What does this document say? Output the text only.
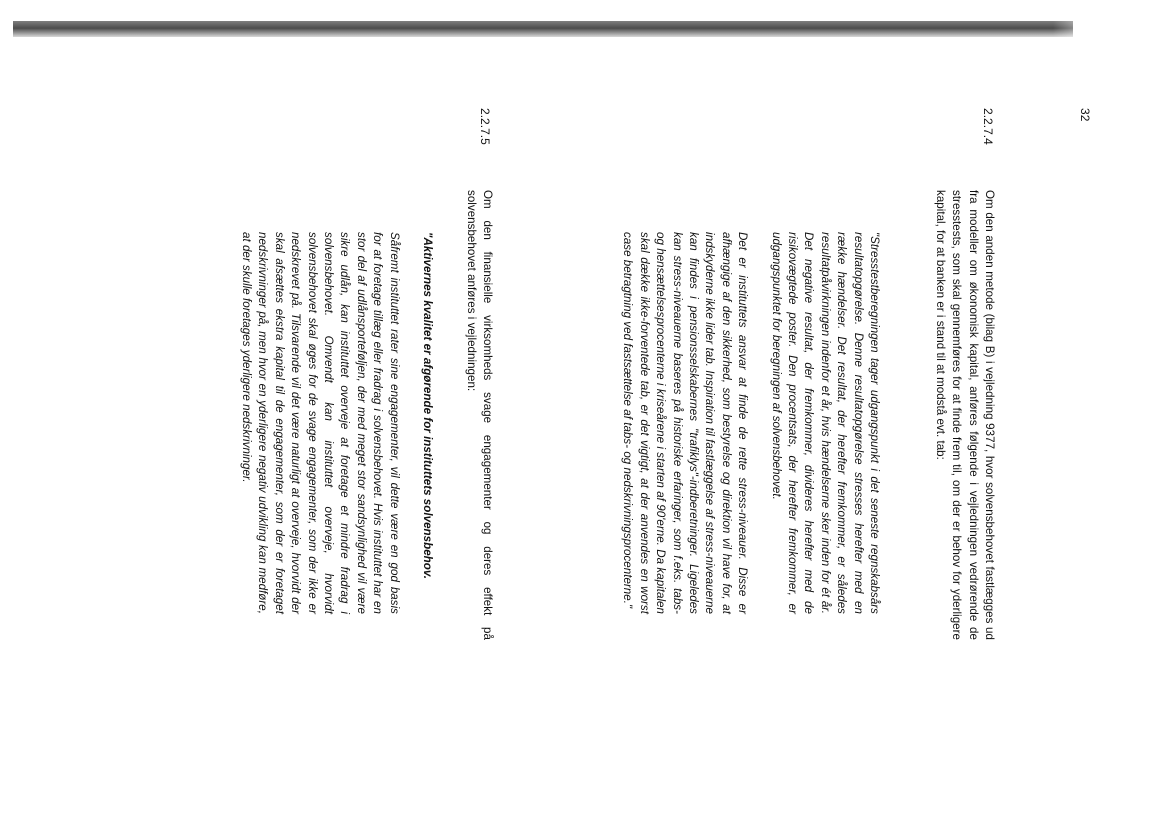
32
2.2.7.4

Om den anden metode (bilag B) i vejledning 9377, hvor solvensbehovet fastlægges ud fra modeller om økonomisk kapital, anføres følgende i vejledningen vedrørende de stresstests, som skal gennemføres for at finde frem til, om der er behov for yderligere kapital, for at banken er i stand til at modstå evt. tab:

"Stresstestberegningen tager udgangspunkt i det seneste regnskabsårs resultatopgørelse. Denne resultatopgørelse stresses herefter med en række hændelser. Det resultat, der herefter fremkommer, er således resultatpåvirkningen indenfor et år, hvis hændelserne sker inden for ét år. Det negative resultat, der fremkommer, divideres herefter med de risikovægtede poster. Den procentsats, der herefter fremkommer, er udgangspunktet for beregningen af solvensbehovet.

Det er instituttets ansvar at finde de rette stress-niveauer. Disse er afhængige af den sikkerhed, som bestyrelse og direktion vil have for, at indskyderne ikke lider tab. Inspiration til fastlæggelse af stress-niveauerne kan findes i pensionsselskabernes "trafiklys"-indberetninger. Ligeledes kan stress-niveauerne baseres på historiske erfaringer, som f.eks. tabs- og hensættelsesprocenterne i kriseårene i starten af 90'erne. Da kapitalen skal dække ikke-forventede tab, er det vigtigt, at der anvendes en worst case betragtning ved fastsættelse af tabs- og nedskrivningsprocenterne."

2.2.7.5

Om den finansielle virksomheds svage engagementer og deres effekt på solvensbehovet anføres i vejledningen:

"Aktivernes kvalitet er afgørende for instituttets solvensbehov.

Såfremt instituttet rater sine engagementer, vil dette være en god basis for at foretage tillæg eller fradrag i solvensbehovet. Hvis instituttet har en stor del af udlånsporteføljen, der med meget stor sandsynlighed vil være sikre udlån, kan instituttet overveje at foretage et mindre fradrag i solvensbehovet. Omvendt kan instituttet overveje, hvorvidt solvensbehovet skal øges for de svage engagementer, som der ikke er nedskrevet på. Tilsvarende vil det være naturligt at overveje, hvorvidt der skal afsættes ekstra kapital til de engagementer, som der er foretaget nedskrivninger på, men hvor en yderligere negativ udvikling kan medføre, at der skulle foretages yderligere nedskrivninger.
